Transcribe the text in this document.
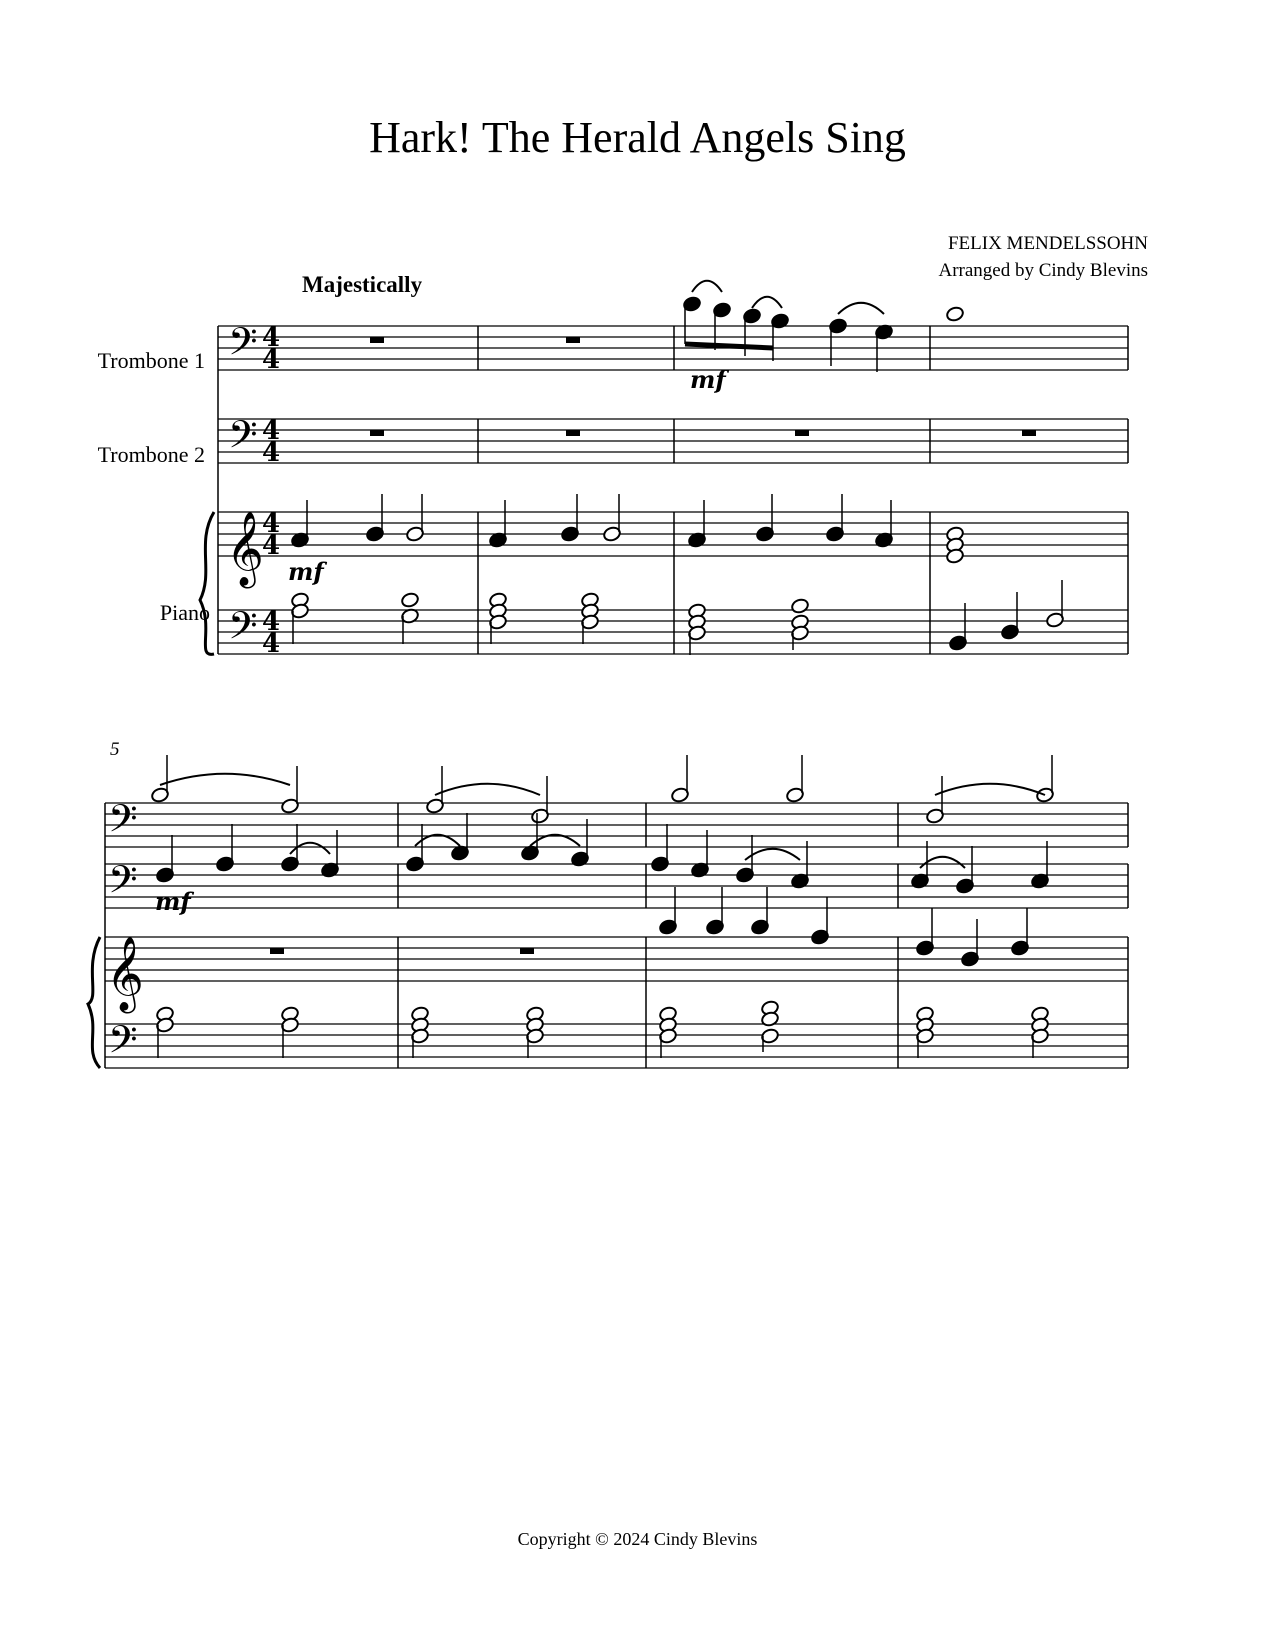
Hark! The Herald Angels Sing
FELIX MENDELSSOHN
Arranged by Cindy Blevins
Majestically
Trombone 1
Trombone 2
Piano
5
Copyright © 2024 Cindy Blevins
𝄢
𝄢
𝄞
𝄢
4
4
4
4
4
4
4
4
mf
mf
𝄢
𝄢
𝄞
𝄢
mf
